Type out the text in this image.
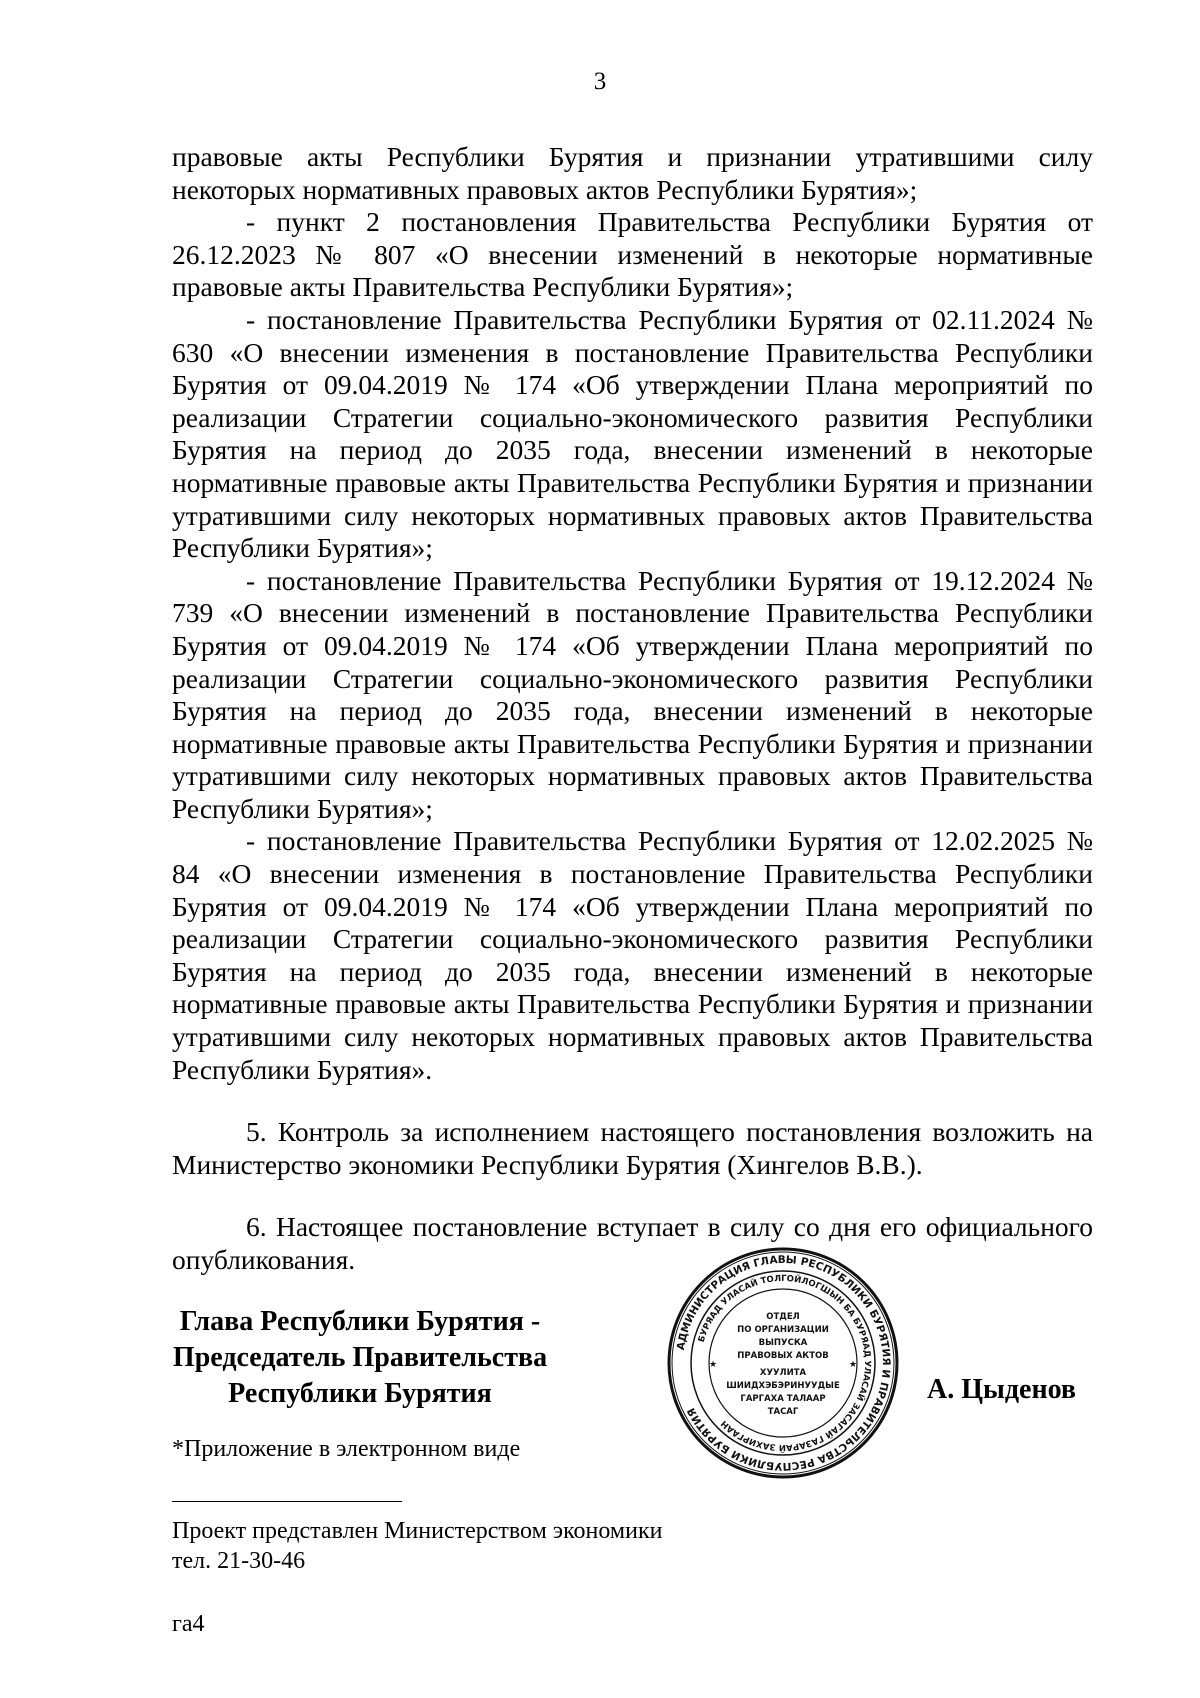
3

правовые акты Республики Бурятия и признании утратившими силу некоторых нормативных правовых актов Республики Бурятия»;

- пункт 2 постановления Правительства Республики Бурятия от 26.12.2023 № 807 «О внесении изменений в некоторые нормативные правовые акты Правительства Республики Бурятия»;

- постановление Правительства Республики Бурятия от 02.11.2024 № 630 «О внесении изменения в постановление Правительства Республики Бурятия от 09.04.2019 № 174 «Об утверждении Плана мероприятий по реализации Стратегии социально-экономического развития Республики Бурятия на период до 2035 года, внесении изменений в некоторые нормативные правовые акты Правительства Республики Бурятия и признании утратившими силу некоторых нормативных правовых актов Правительства Республики Бурятия»;

- постановление Правительства Республики Бурятия от 19.12.2024 № 739 «О внесении изменений в постановление Правительства Республики Бурятия от 09.04.2019 № 174 «Об утверждении Плана мероприятий по реализации Стратегии социально-экономического развития Республики Бурятия на период до 2035 года, внесении изменений в некоторые нормативные правовые акты Правительства Республики Бурятия и признании утратившими силу некоторых нормативных правовых актов Правительства Республики Бурятия»;

- постановление Правительства Республики Бурятия от 12.02.2025 № 84 «О внесении изменения в постановление Правительства Республики Бурятия от 09.04.2019 № 174 «Об утверждении Плана мероприятий по реализации Стратегии социально-экономического развития Республики Бурятия на период до 2035 года, внесении изменений в некоторые нормативные правовые акты Правительства Республики Бурятия и признании утратившими силу некоторых нормативных правовых актов Правительства Республики Бурятия».

5. Контроль за исполнением настоящего постановления возложить на Министерство экономики Республики Бурятия (Хингелов В.В.).

6. Настоящее постановление вступает в силу со дня его официального опубликования.

Глава Республики Бурятия -
Председатель Правительства
Республики Бурятия
АДМИНИСТРАЦИЯ ГЛАВЫ РЕСПУБЛИКИ БУРЯТИЯ И ПРАВИТЕЛЬСТВА РЕСПУБЛИКИ БУРЯТИЯ
БУРЯАД УЛАСАЙ ТОЛГОЙЛОГШЫН БА БУРЯАД УЛАСАЙ ЗАСАГАЙ ГАЗАРАЙ ЗАХИРГААН
ОТДЕЛ
ПО ОРГАНИЗАЦИИ
ВЫПУСКА
ПРАВОВЫХ АКТОВ
ХУУЛИТА
ШИИДХЭБЭРИНУУДЫЕ
ГАРГАХА ТАЛААР
ТАСАГ
★	★
А. Цыденов
*Приложение в электронном виде
Проект представлен Министерством экономики
тел. 21-30-46
га4
